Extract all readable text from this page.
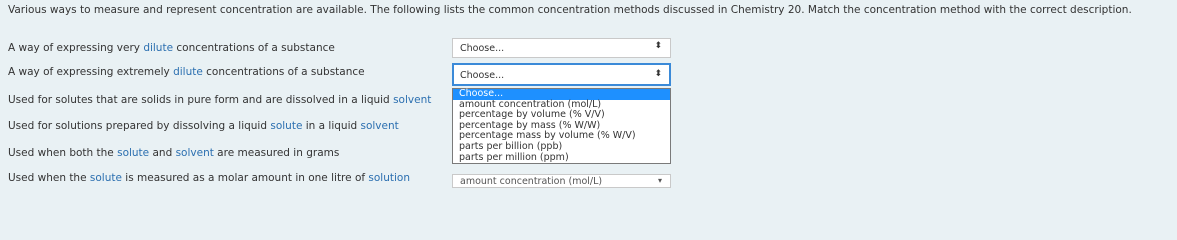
Various ways to measure and represent concentration are available. The following lists the common concentration methods discussed in Chemistry 20. Match the concentration method with the correct description.
A way of expressing very dilute concentrations of a substance	Choose...	⬍
A way of expressing extremely dilute concentrations of a substance	Choose...	⬍
Used for solutes that are solids in pure form and are dissolved in a liquid solvent
Used for solutions prepared by dissolving a liquid solute in a liquid solvent
Used when both the solute and solvent are measured in grams
Used when the solute is measured as a molar amount in one litre of solution	amount concentration (mol/L)	▾
Choose...
amount concentration (mol/L)
percentage by volume (% V/V)
percentage by mass (% W/W)
percentage mass by volume (% W/V)
parts per billion (ppb)
parts per million (ppm)
